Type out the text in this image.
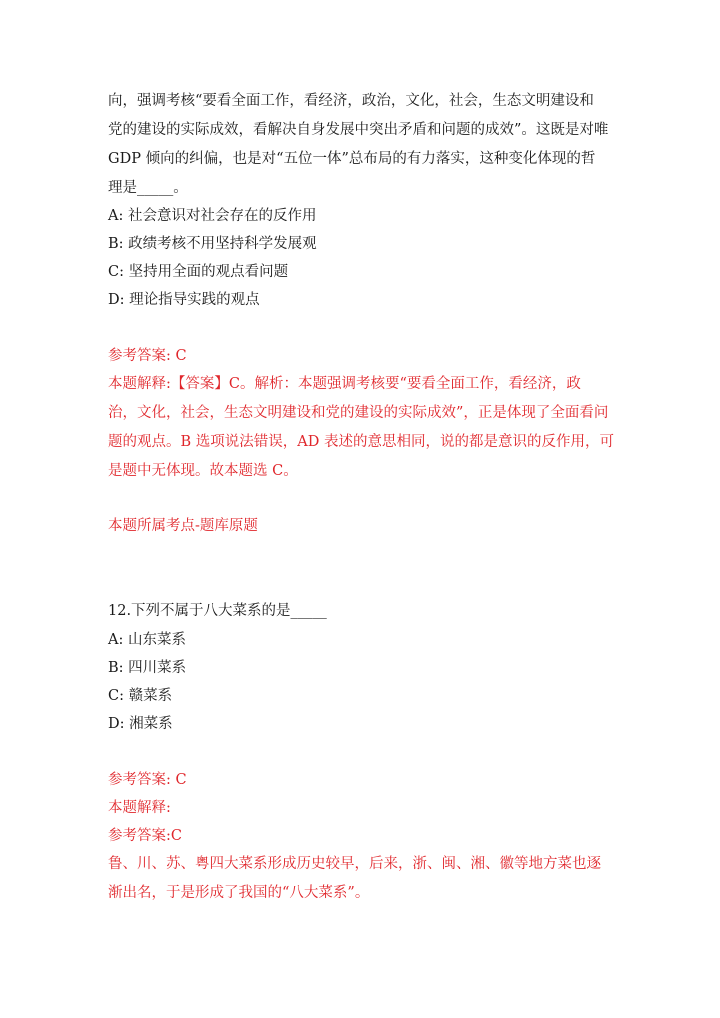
向，强调考核“要看全面工作，看经济，政治，文化，社会，生态文明建设和
党的建设的实际成效，看解决自身发展中突出矛盾和问题的成效”。这既是对唯
GDP 倾向的纠偏，也是对“五位一体”总布局的有力落实，这种变化体现的哲
理是_____。
A: 社会意识对社会存在的反作用
B: 政绩考核不用坚持科学发展观
C: 坚持用全面的观点看问题
D: 理论指导实践的观点
参考答案: C
本题解释:【答案】C。解析：本题强调考核要“要看全面工作，看经济，政
治，文化，社会，生态文明建设和党的建设的实际成效”，正是体现了全面看问
题的观点。B 选项说法错误，AD 表述的意思相同，说的都是意识的反作用，可
是题中无体现。故本题选 C。
本题所属考点-题库原题
12.下列不属于八大菜系的是_____
A: 山东菜系
B: 四川菜系
C: 赣菜系
D: 湘菜系
参考答案: C
本题解释:
参考答案:C
鲁、川、苏、粤四大菜系形成历史较早，后来，浙、闽、湘、徽等地方菜也逐
渐出名，于是形成了我国的“八大菜系”。
